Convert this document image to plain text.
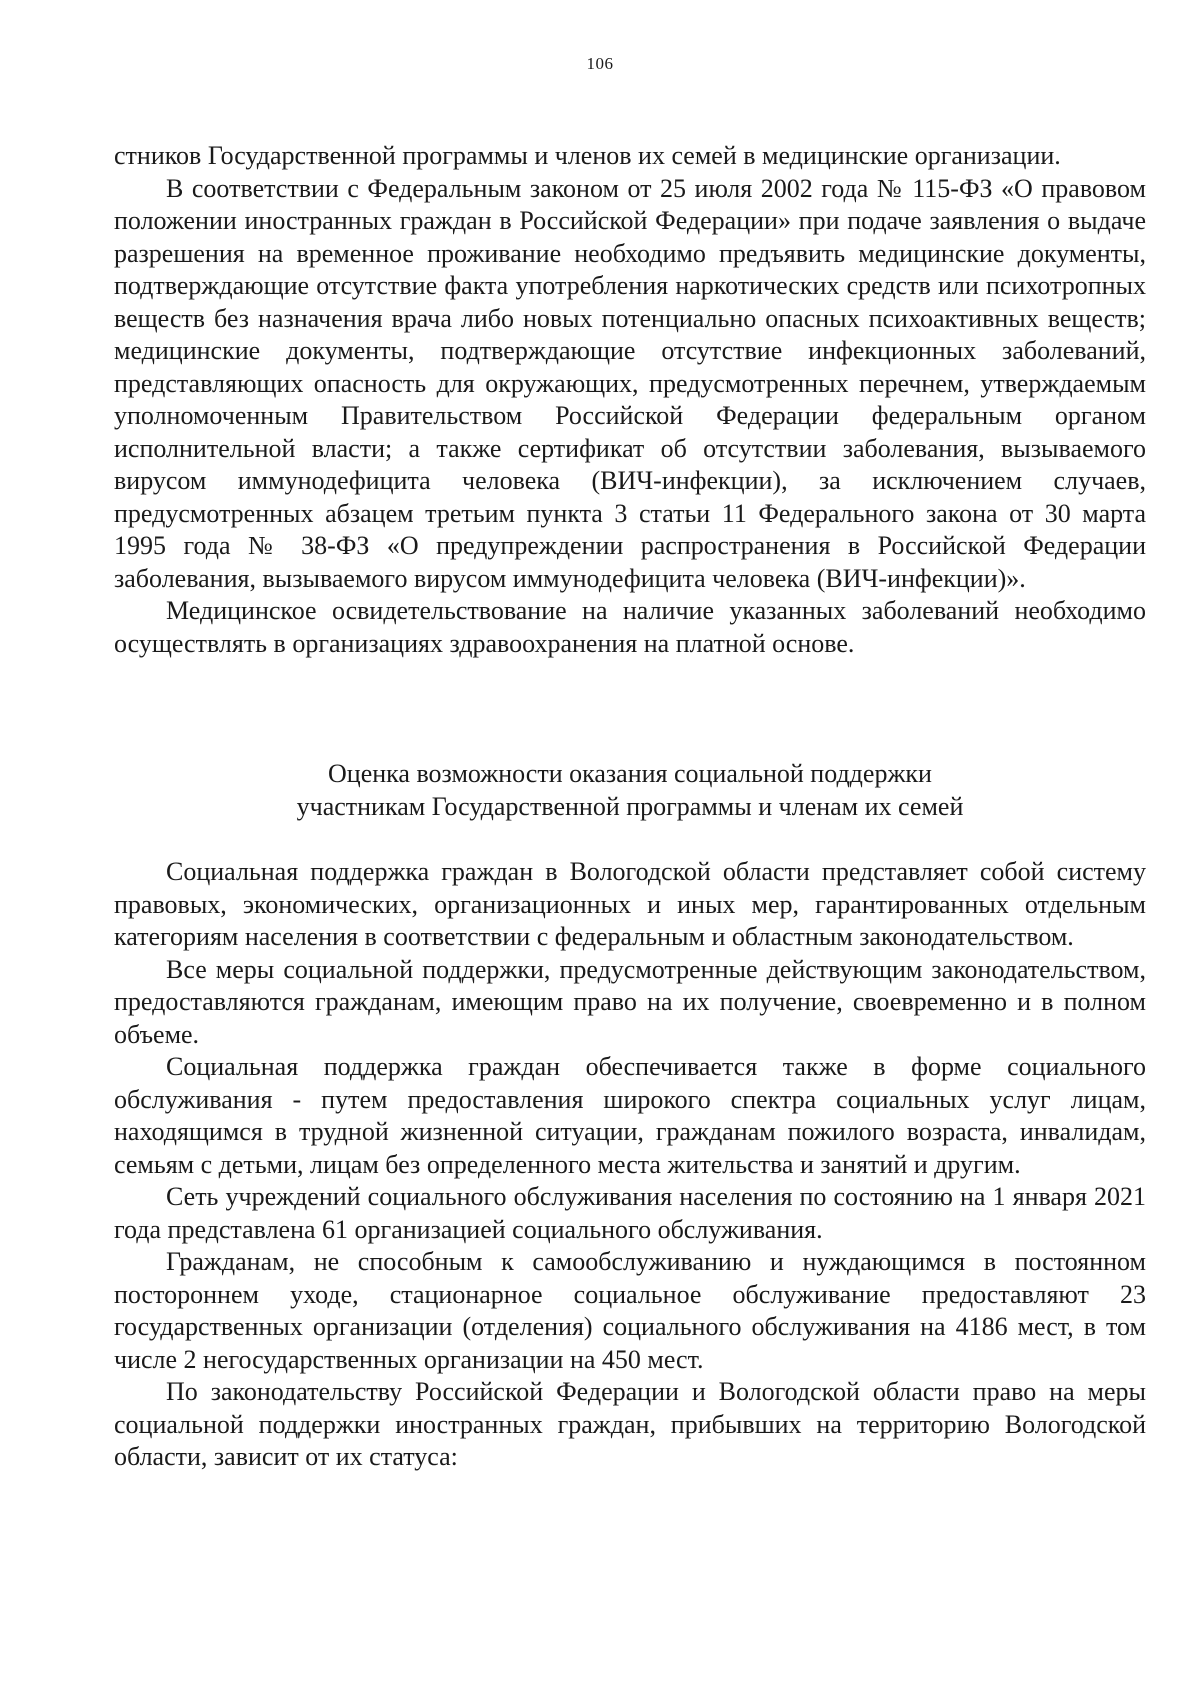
106

стников Государственной программы и членов их семей в медицинские организации.

В соответствии с Федеральным законом от 25 июля 2002 года № 115-ФЗ «О правовом положении иностранных граждан в Российской Федерации» при подаче заявления о выдаче разрешения на временное проживание необходимо предъявить медицинские документы, подтверждающие отсутствие факта употребления наркотических средств или психотропных веществ без назначения врача либо новых потенциально опасных психоактивных веществ; медицинские документы, подтверждающие отсутствие инфекционных заболеваний, представляющих опасность для окружающих, предусмотренных перечнем, утверждаемым уполномоченным Правительством Российской Федерации федеральным органом исполнительной власти; а также сертификат об отсутствии заболевания, вызываемого вирусом иммунодефицита человека (ВИЧ-инфекции), за исключением случаев, предусмотренных абзацем третьим пункта 3 статьи 11 Федерального закона от 30 марта 1995 года № 38-ФЗ «О предупреждении распространения в Российской Федерации заболевания, вызываемого вирусом иммунодефицита человека (ВИЧ-инфекции)».

Медицинское освидетельствование на наличие указанных заболеваний необходимо осуществлять в организациях здравоохранения на платной основе.

Оценка возможности оказания социальной поддержки

участникам Государственной программы и членам их семей

Социальная поддержка граждан в Вологодской области представляет собой систему правовых, экономических, организационных и иных мер, гарантированных отдельным категориям населения в соответствии с федеральным и областным законодательством.

Все меры социальной поддержки, предусмотренные действующим законодательством, предоставляются гражданам, имеющим право на их получение, своевременно и в полном объеме.

Социальная поддержка граждан обеспечивается также в форме социального обслуживания - путем предоставления широкого спектра социальных услуг лицам, находящимся в трудной жизненной ситуации, гражданам пожилого возраста, инвалидам, семьям с детьми, лицам без определенного места жительства и занятий и другим.

Сеть учреждений социального обслуживания населения по состоянию на 1 января 2021 года представлена 61 организацией социального обслуживания.

Гражданам, не способным к самообслуживанию и нуждающимся в постоянном постороннем уходе, стационарное социальное обслуживание предоставляют 23 государственных организации (отделения) социального обслуживания на 4186 мест, в том числе 2 негосударственных организации на 450 мест.

По законодательству Российской Федерации и Вологодской области право на меры социальной поддержки иностранных граждан, прибывших на территорию Вологодской области, зависит от их статуса:
